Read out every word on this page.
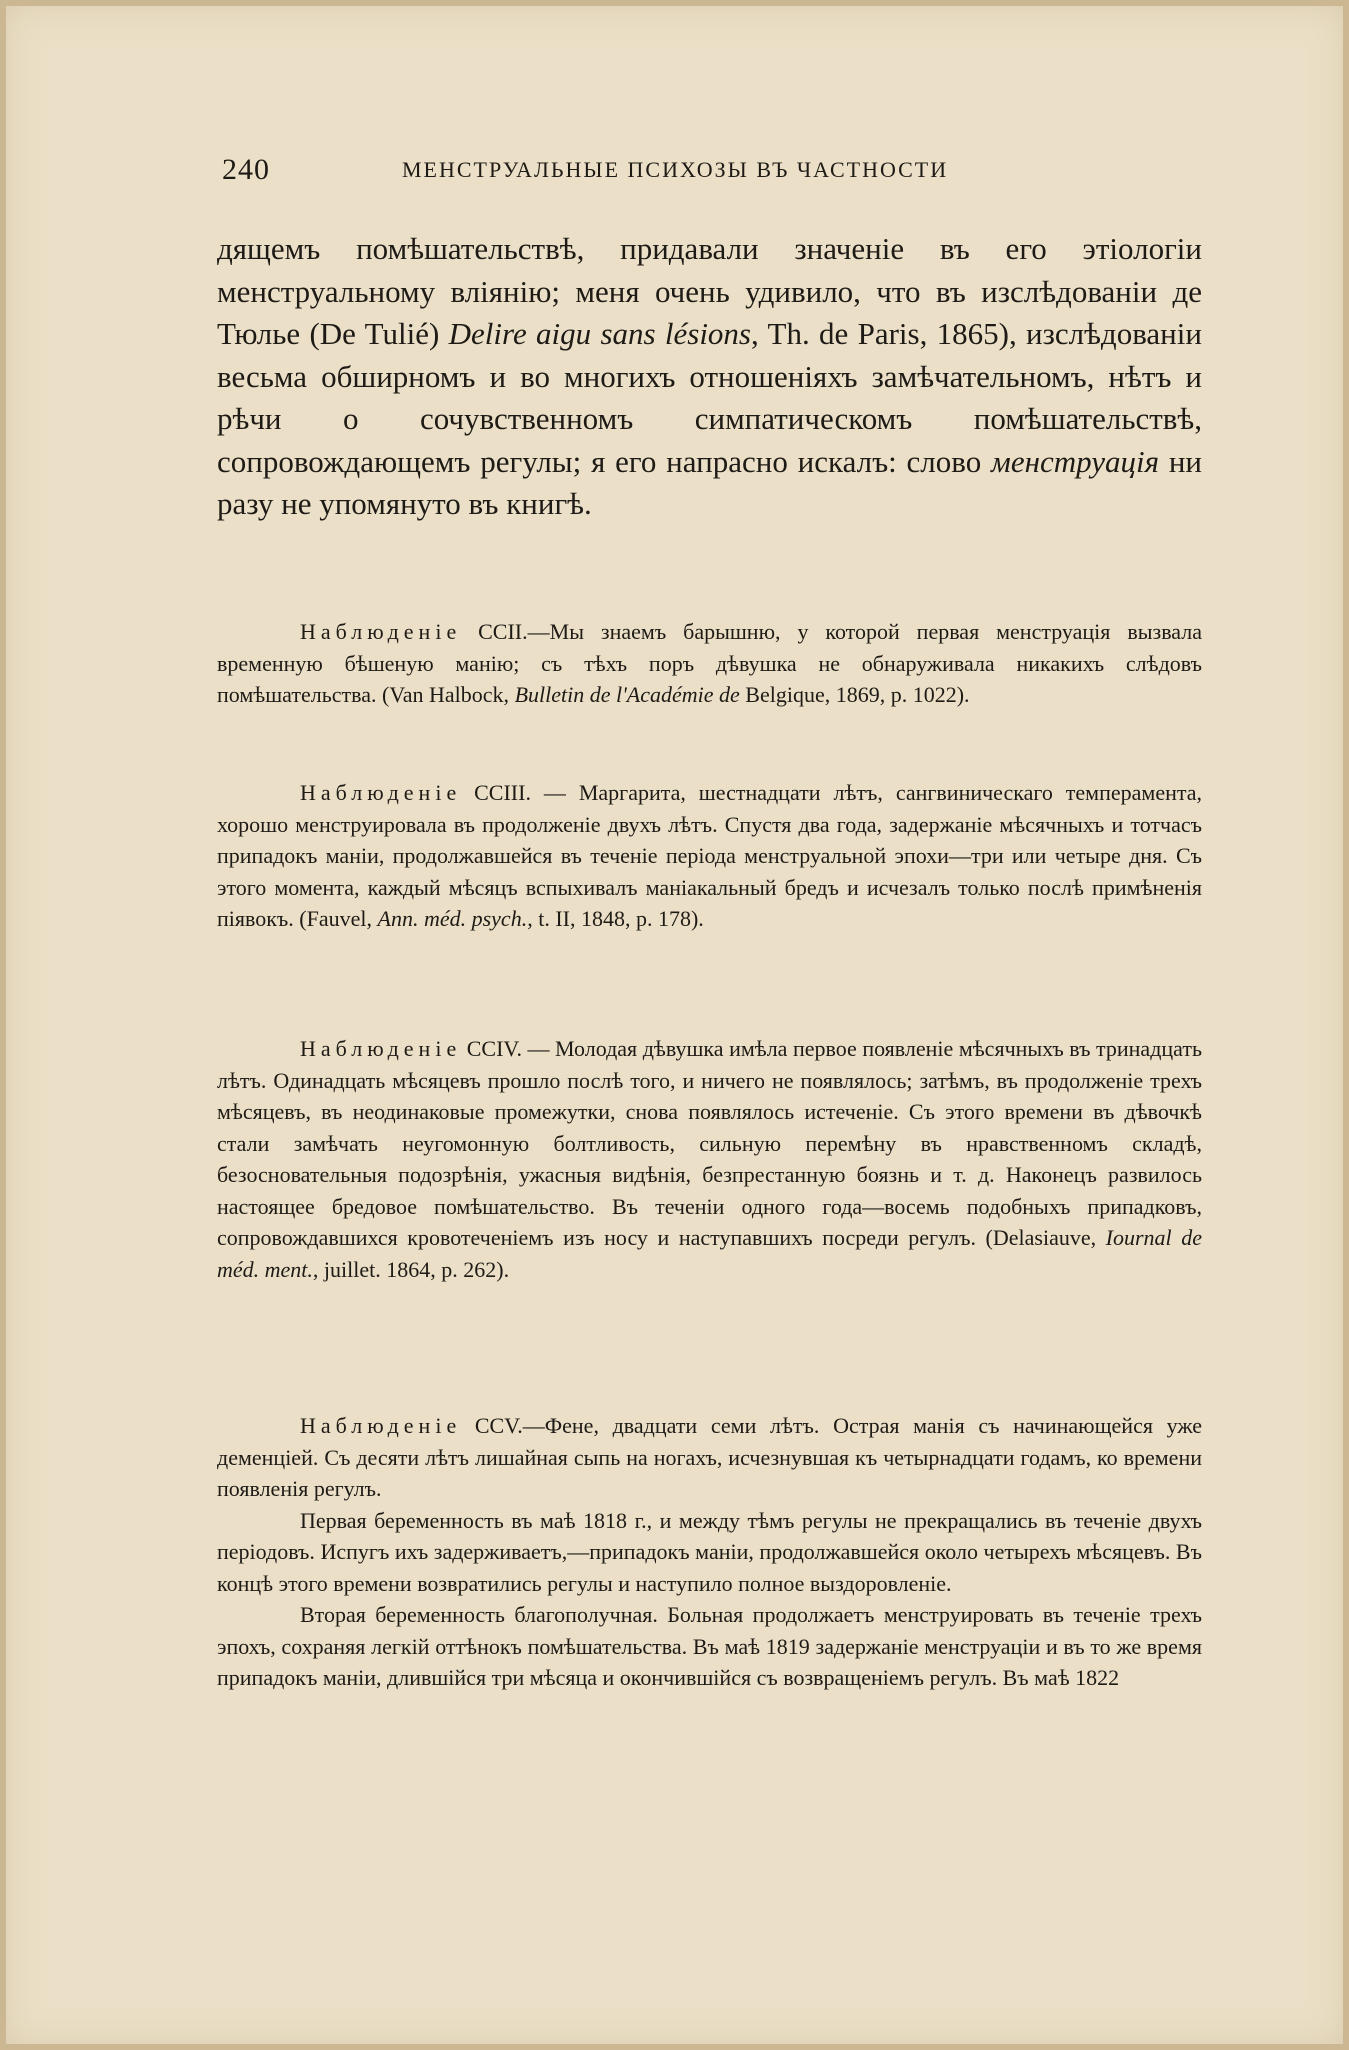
240	МЕНСТРУАЛЬНЫЕ ПСИХОЗЫ ВЪ ЧАСТНОСТИ

дящемъ помѣшательствѣ, придавали значеніе въ его этіологіи менструальному вліянію; меня очень удивило, что въ изслѣдованіи де Тюлье (De Tulié) Delire aigu sans lésions, Th. de Paris, 1865), изслѣдованіи весьма обширномъ и во многихъ отношеніяхъ замѣчательномъ, нѣтъ и рѣчи о сочувственномъ симпатическомъ помѣшательствѣ, сопровождающемъ регулы; я его напрасно искалъ: слово менструація ни разу не упомянуто въ книгѣ.

Наблюденіе CCII.—Мы знаемъ барышню, у которой первая менструація вызвала временную бѣшеную манію; съ тѣхъ поръ дѣвушка не обнаруживала никакихъ слѣдовъ помѣшательства. (Van Halbock, Bulletin de l'Académie de Belgique, 1869, p. 1022).

Наблюденіе CCIII. — Маргарита, шестнадцати лѣтъ, сангвиническаго темперамента, хорошо менструировала въ продолженіе двухъ лѣтъ. Спустя два года, задержаніе мѣсячныхъ и тотчасъ припадокъ маніи, продолжавшейся въ теченіе періода менструальной эпохи—три или четыре дня. Съ этого момента, каждый мѣсяцъ вспыхивалъ маніакальный бредъ и исчезалъ только послѣ примѣненія піявокъ. (Fauvel, Ann. méd. psych., t. II, 1848, p. 178).

Наблюденіе CCIV. — Молодая дѣвушка имѣла первое появленіе мѣсячныхъ въ тринадцать лѣтъ. Одинадцать мѣсяцевъ прошло послѣ того, и ничего не появлялось; затѣмъ, въ продолженіе трехъ мѣсяцевъ, въ неодинаковые промежутки, снова появлялось истеченіе. Съ этого времени въ дѣвочкѣ стали замѣчать неугомонную болтливость, сильную перемѣну въ нравственномъ складѣ, безосновательныя подозрѣнія, ужасныя видѣнія, безпрестанную боязнь и т. д. Наконецъ развилось настоящее бредовое помѣшательство. Въ теченіи одного года—восемь подобныхъ припадковъ, сопровождавшихся кровотеченіемъ изъ носу и наступавшихъ посреди регулъ. (Delasiauve, Iournal de méd. ment., juillet. 1864, p. 262).

Наблюденіе CCV.—Фене, двадцати семи лѣтъ. Острая манія съ начинающейся уже деменціей. Съ десяти лѣтъ лишайная сыпь на ногахъ, исчезнувшая къ четырнадцати годамъ, ко времени появленія регулъ.

Первая беременность въ маѣ 1818 г., и между тѣмъ регулы не прекращались въ теченіе двухъ періодовъ. Испугъ ихъ задерживаетъ,—припадокъ маніи, продолжавшейся около четырехъ мѣсяцевъ. Въ концѣ этого времени возвратились регулы и наступило полное выздоровленіе.

Вторая беременность благополучная. Больная продолжаетъ менструировать въ теченіе трехъ эпохъ, сохраняя легкій оттѣнокъ помѣшательства. Въ маѣ 1819 задержаніе менструаціи и въ то же время припадокъ маніи, длившійся три мѣсяца и окончившійся съ возвращеніемъ регулъ. Въ маѣ 1822
